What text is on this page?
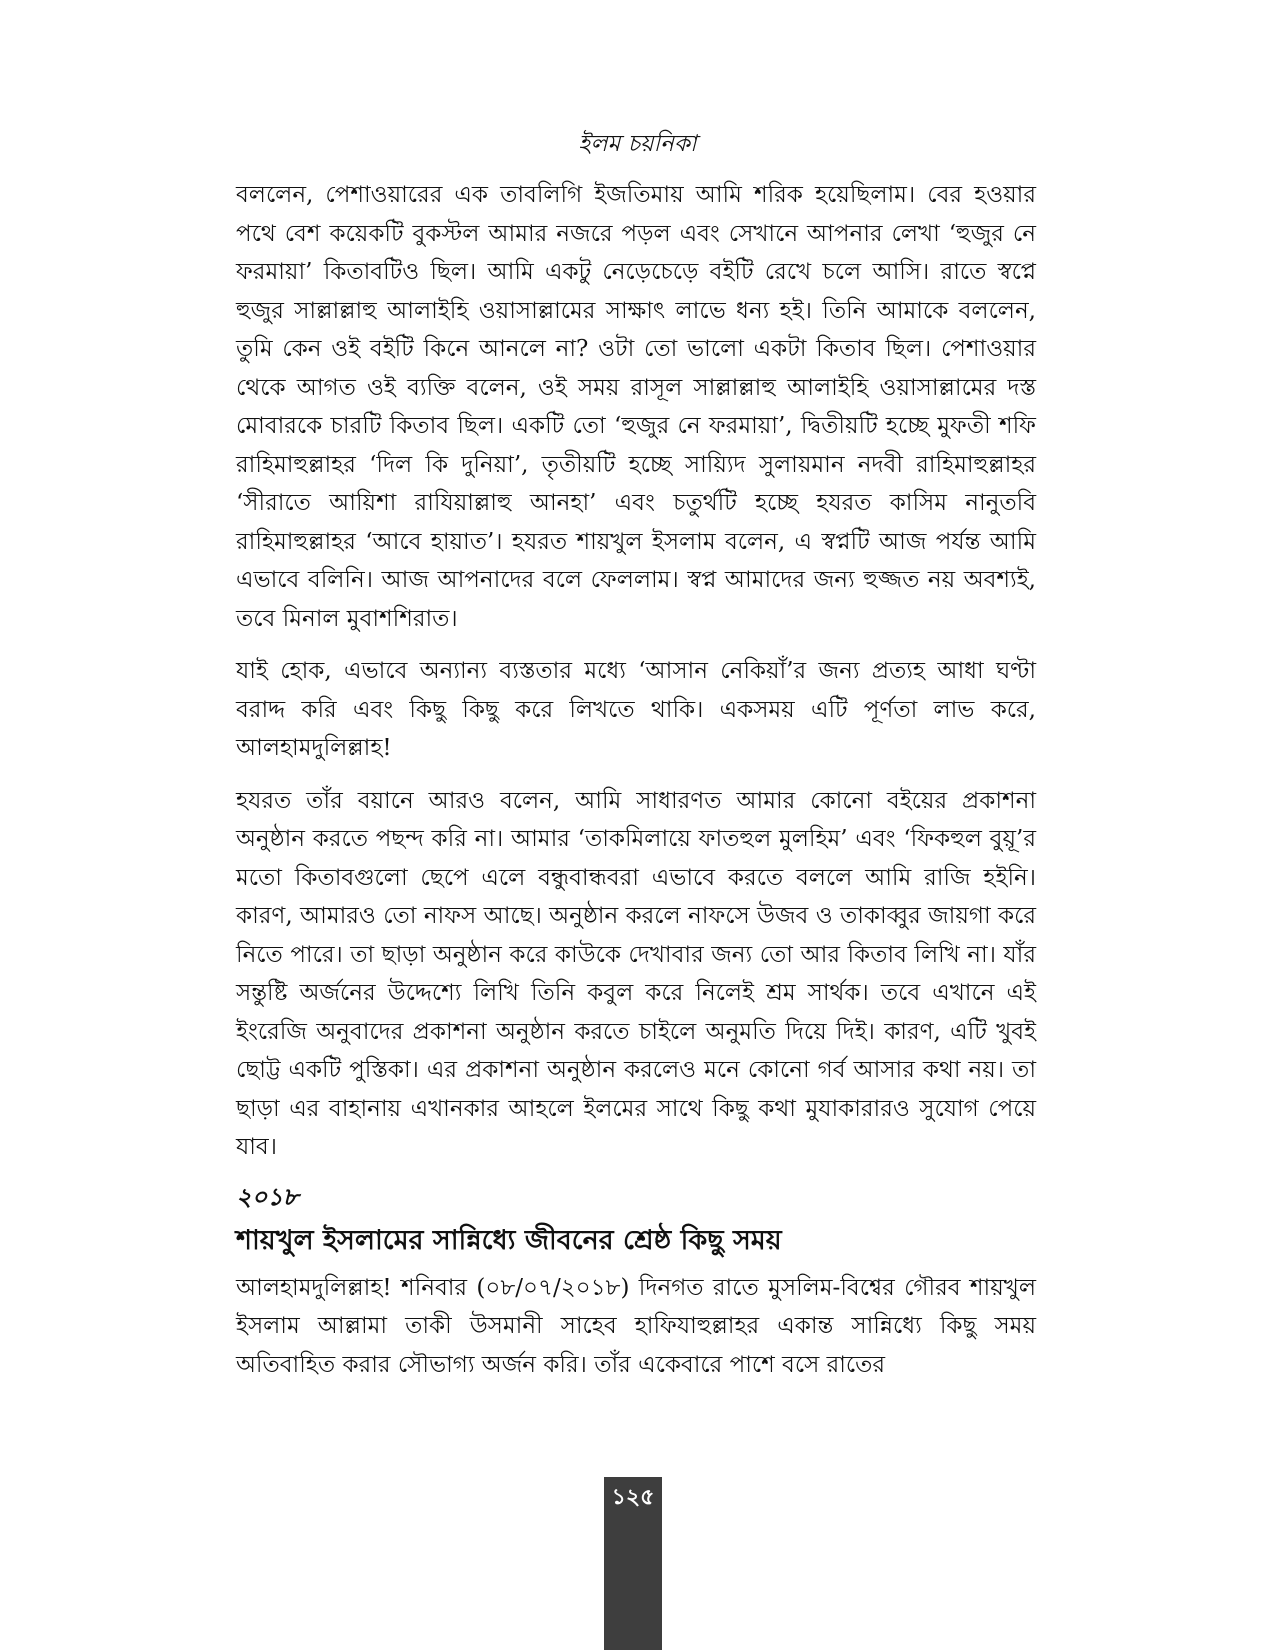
ইলম চয়নিকা

বললেন, পেশাওয়ারের এক তাবলিগি ইজতিমায় আমি শরিক হয়েছিলাম। বের হওয়ার পথে বেশ কয়েকটি বুকস্টল আমার নজরে পড়ল এবং সেখানে আপনার লেখা ‘হুজুর নে ফরমায়া’ কিতাবটিও ছিল। আমি একটু নেড়েচেড়ে বইটি রেখে চলে আসি। রাতে স্বপ্নে হুজুর সাল্লাল্লাহু আলাইহি ওয়াসাল্লামের সাক্ষাৎ লাভে ধন্য হই। তিনি আমাকে বললেন, তুমি কেন ওই বইটি কিনে আনলে না? ওটা তো ভালো একটা কিতাব ছিল। পেশাওয়ার থেকে আগত ওই ব্যক্তি বলেন, ওই সময় রাসূল সাল্লাল্লাহু আলাইহি ওয়াসাল্লামের দস্ত মোবারকে চারটি কিতাব ছিল। একটি তো ‘হুজুর নে ফরমায়া’, দ্বিতীয়টি হচ্ছে মুফতী শফি রাহিমাহুল্লাহর ‘দিল কি দুনিয়া’, তৃতীয়টি হচ্ছে সায়্যিদ সুলায়মান নদবী রাহিমাহুল্লাহর ‘সীরাতে আয়িশা রাযিয়াল্লাহু আনহা’ এবং চতুর্থটি হচ্ছে হযরত কাসিম নানুতবি রাহিমাহুল্লাহর ‘আবে হায়াত’। হযরত শায়খুল ইসলাম বলেন, এ স্বপ্নটি আজ পর্যন্ত আমি এভাবে বলিনি। আজ আপনাদের বলে ফেললাম। স্বপ্ন আমাদের জন্য হুজ্জত নয় অবশ্যই, তবে মিনাল মুবাশশিরাত।

যাই হোক, এভাবে অন্যান্য ব্যস্ততার মধ্যে ‘আসান নেকিয়াঁ’র জন্য প্রত্যহ আধা ঘণ্টা বরাদ্দ করি এবং কিছু কিছু করে লিখতে থাকি। একসময় এটি পূর্ণতা লাভ করে, আলহামদুলিল্লাহ!

হযরত তাঁর বয়ানে আরও বলেন, আমি সাধারণত আমার কোনো বইয়ের প্রকাশনা অনুষ্ঠান করতে পছন্দ করি না। আমার ‘তাকমিলায়ে ফাতহুল মুলহিম’ এবং ‘ফিকহুল বুয়ূ’র মতো কিতাবগুলো ছেপে এলে বন্ধুবান্ধবরা এভাবে করতে বললে আমি রাজি হইনি। কারণ, আমারও তো নাফস আছে। অনুষ্ঠান করলে নাফসে উজব ও তাকাব্বুর জায়গা করে নিতে পারে। তা ছাড়া অনুষ্ঠান করে কাউকে দেখাবার জন্য তো আর কিতাব লিখি না। যাঁর সন্তুষ্টি অর্জনের উদ্দেশ্যে লিখি তিনি কবুল করে নিলেই শ্রম সার্থক। তবে এখানে এই ইংরেজি অনুবাদের প্রকাশনা অনুষ্ঠান করতে চাইলে অনুমতি দিয়ে দিই। কারণ, এটি খুবই ছোট্ট একটি পুস্তিকা। এর প্রকাশনা অনুষ্ঠান করলেও মনে কোনো গর্ব আসার কথা নয়। তা ছাড়া এর বাহানায় এখানকার আহলে ইলমের সাথে কিছু কথা মুযাকারারও সুযোগ পেয়ে যাব।

২০১৮
শায়খুল ইসলামের সান্নিধ্যে জীবনের শ্রেষ্ঠ কিছু সময়

আলহামদুলিল্লাহ! শনিবার (০৮/০৭/২০১৮) দিনগত রাতে মুসলিম-বিশ্বের গৌরব শায়খুল ইসলাম আল্লামা তাকী উসমানী সাহেব হাফিযাহুল্লাহর একান্ত সান্নিধ্যে কিছু সময় অতিবাহিত করার সৌভাগ্য অর্জন করি। তাঁর একেবারে পাশে বসে রাতের

১২৫
